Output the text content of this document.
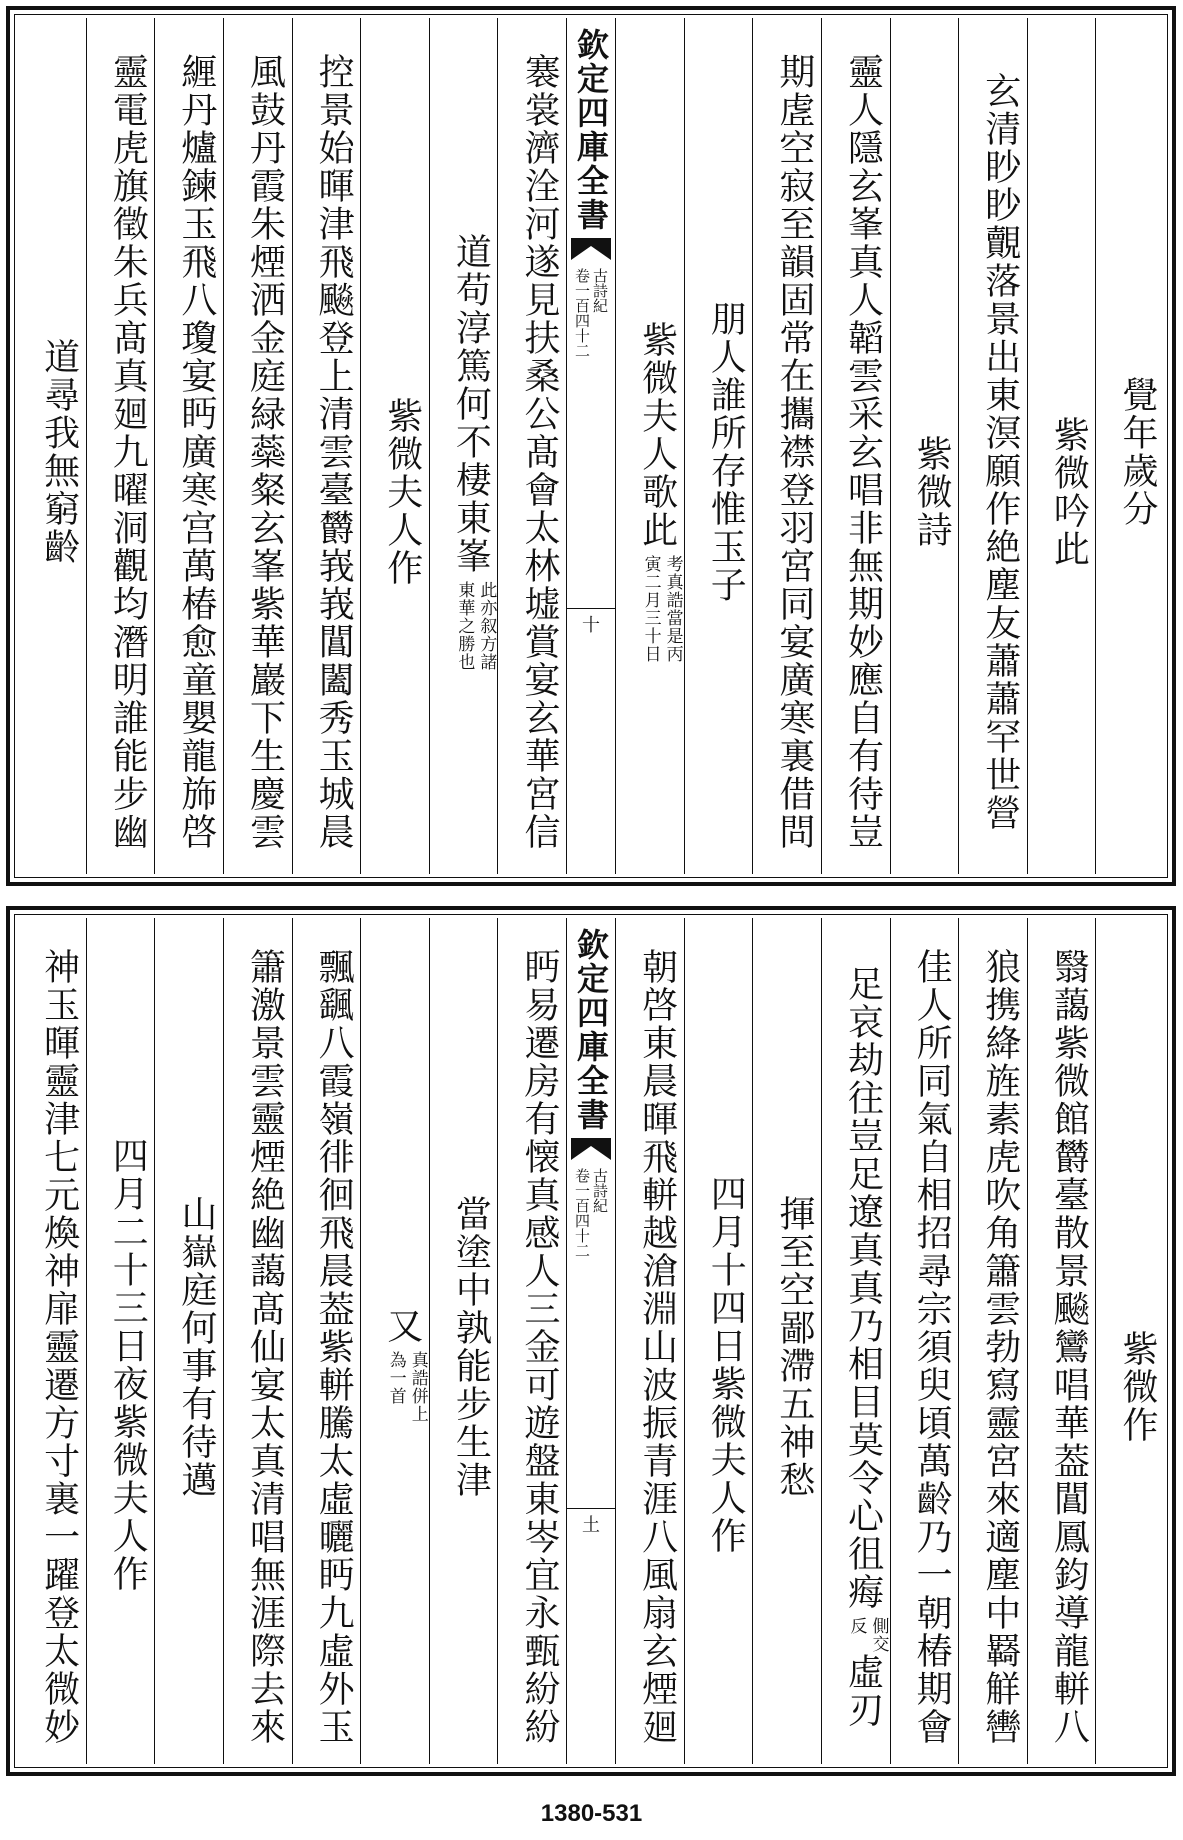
覺年歲分
紫微吟此
玄清眇眇覿落景出東溟願作絶塵友蕭蕭罕世營
紫微詩
靈人隱玄峯真人韜雲采玄唱非無期妙應自有待豈
期虗空寂至韻固常在攜襟登羽宮同宴廣寒裏借問
朋人誰所存惟玉子
紫微夫人歌此
考真誥當是丙
寅二月三十日
欽定四庫全書
古詩紀
卷一百四十二
十
褰裳濟洤河遂見扶桑公髙會太林墟賞宴玄華宮信
道苟淳篤何不棲東峯
此亦叙方諸
東華之勝也
紫微夫人作
控景始暉津飛飈登上清雲臺欝峩峩閶闔秀玉城晨
風鼓丹霞朱煙洒金庭緑蘂粲玄峯紫華巖下生慶雲
緾丹爐鍊玉飛八瓊宴眄廣寒宫萬椿愈童嬰龍斾啓
靈電虎旗徵朱兵髙真廻九曜洞觀均潛明誰能步幽
道尋我無窮齡
紫微作
翳藹紫微館欝臺散景飈鸞唱華葢閶鳳鈞導龍軿八
狼携絳旌素虎吹角簫雲勃寫靈宮來適塵中羇觧轡
佳人所同氣自相招尋宗須臾頃萬齡乃一朝椿期會
足哀劫往豈足遼真真乃相目莫令心徂痗
側交
反
虛刃
揮至空鄙滯五神愁
四月十四日紫微夫人作
朝啓東晨暉飛軿越滄淵山波振青涯八風扇玄煙廻
欽定四庫全書
古詩紀
卷一百四十二
土
眄易遷房有懐真感人三金可遊盤東岑宜永甄紛紛
當塗中孰能步生津
又
真誥併上
為一首
飄颻八霞嶺徘徊飛晨葢紫軿騰太虛曬眄九虛外玉
簫激景雲靈煙絶幽藹髙仙宴太真清唱無涯際去來
山嶽庭何事有待邁
四月二十三日夜紫微夫人作
神玉暉靈津七元煥神扉靈遷方寸裏一躍登太微妙
1380-531
